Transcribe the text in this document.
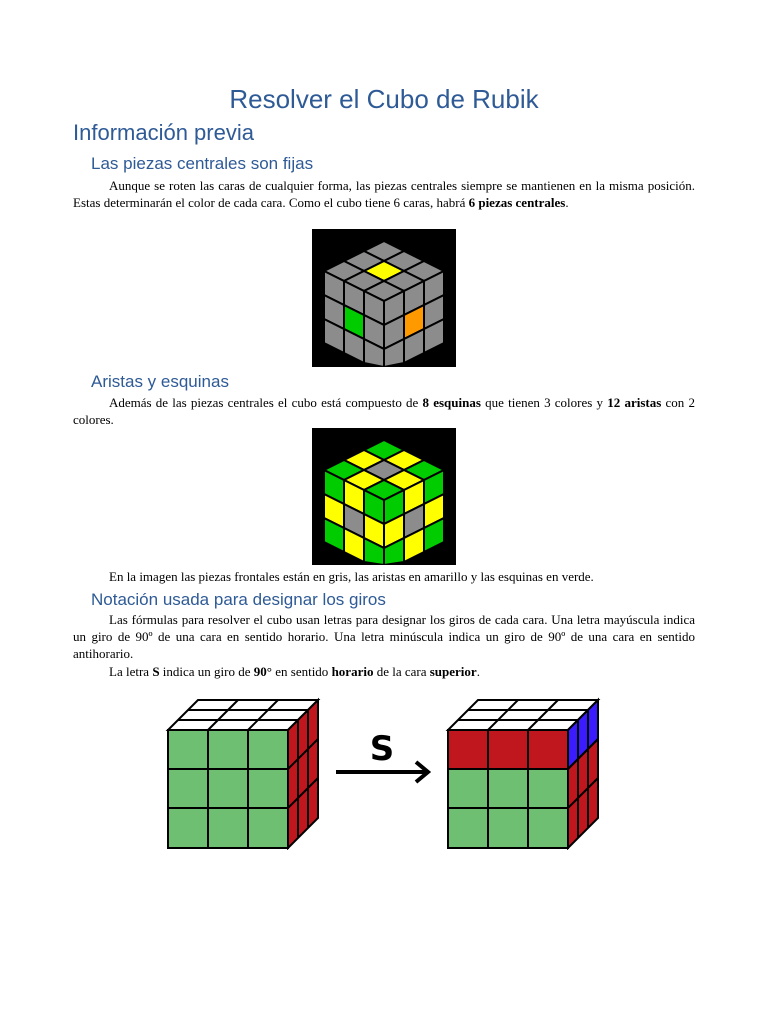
Resolver el Cubo de Rubik
Información previa
Las piezas centrales son fijas

Aunque se roten las caras de cualquier forma, las piezas centrales siempre se mantienen en la misma posición. Estas determinarán el color de cada cara. Como el cubo tiene 6 caras, habrá 6 piezas centrales.

Aristas y esquinas

Además de las piezas centrales el cubo está compuesto de 8 esquinas que tienen 3 colores y 12 aristas con 2 colores.

En la imagen las piezas frontales están en gris, las aristas en amarillo y las esquinas en verde.

Notación usada para designar los giros

Las fórmulas para resolver el cubo usan letras para designar los giros de cada cara. Una letra mayúscula indica un giro de 90º de una cara en sentido horario. Una letra minúscula indica un giro de 90º de una cara en sentido antihorario.

La letra S indica un giro de 90° en sentido horario de la cara superior.

S
